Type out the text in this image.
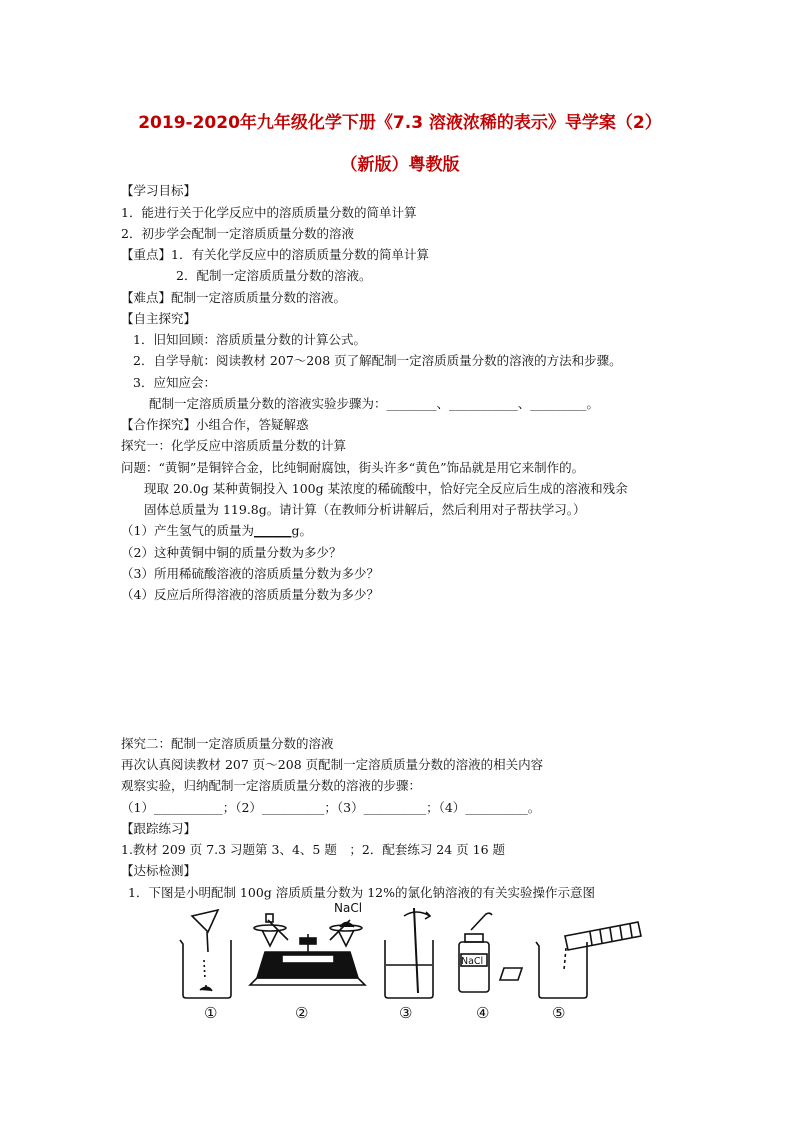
2019-2020年九年级化学下册《7.3 溶液浓稀的表示》导学案（2）
（新版）粤教版
【学习目标】
1．能进行关于化学反应中的溶质质量分数的简单计算
2．初步学会配制一定溶质质量分数的溶液
【重点】1．有关化学反应中的溶质质量分数的简单计算
2．配制一定溶质质量分数的溶液。
【难点】配制一定溶质质量分数的溶液。
【自主探究】
1．旧知回顾：溶质质量分数的计算公式。
2．自学导航：阅读教材 207～208 页了解配制一定溶质质量分数的溶液的方法和步骤。
3．应知应会：
配制一定溶质质量分数的溶液实验步骤为：________、___________、_________。
【合作探究】小组合作，答疑解惑
探究一：化学反应中溶质质量分数的计算
问题：“黄铜”是铜锌合金，比纯铜耐腐蚀，街头许多“黄色”饰品就是用它来制作的。
现取 20.0g 某种黄铜投入 100g 某浓度的稀硫酸中，恰好完全反应后生成的溶液和残余
固体总质量为 119.8g。请计算（在教师分析讲解后，然后利用对子帮扶学习。）
（1）产生氢气的质量为______g。
（2）这种黄铜中铜的质量分数为多少？
（3）所用稀硫酸溶液的溶质质量分数为多少？
（4）反应后所得溶液的溶质质量分数为多少？
探究二：配制一定溶质质量分数的溶液
再次认真阅读教材 207 页～208 页配制一定溶质质量分数的溶液的相关内容
观察实验，归纳配制一定溶质质量分数的溶液的步骤：
（1）___________；（2）__________；（3）__________；（4）__________。
【跟踪练习】
1.教材 209 页 7.3 习题第 3、4、5 题　；2．配套练习 24 页 16 题
【达标检测】
1．下图是小明配制 100g 溶质质量分数为 12%的氯化钠溶液的有关实验操作示意图
NaCl
NaCl
①	②	③	④	⑤
